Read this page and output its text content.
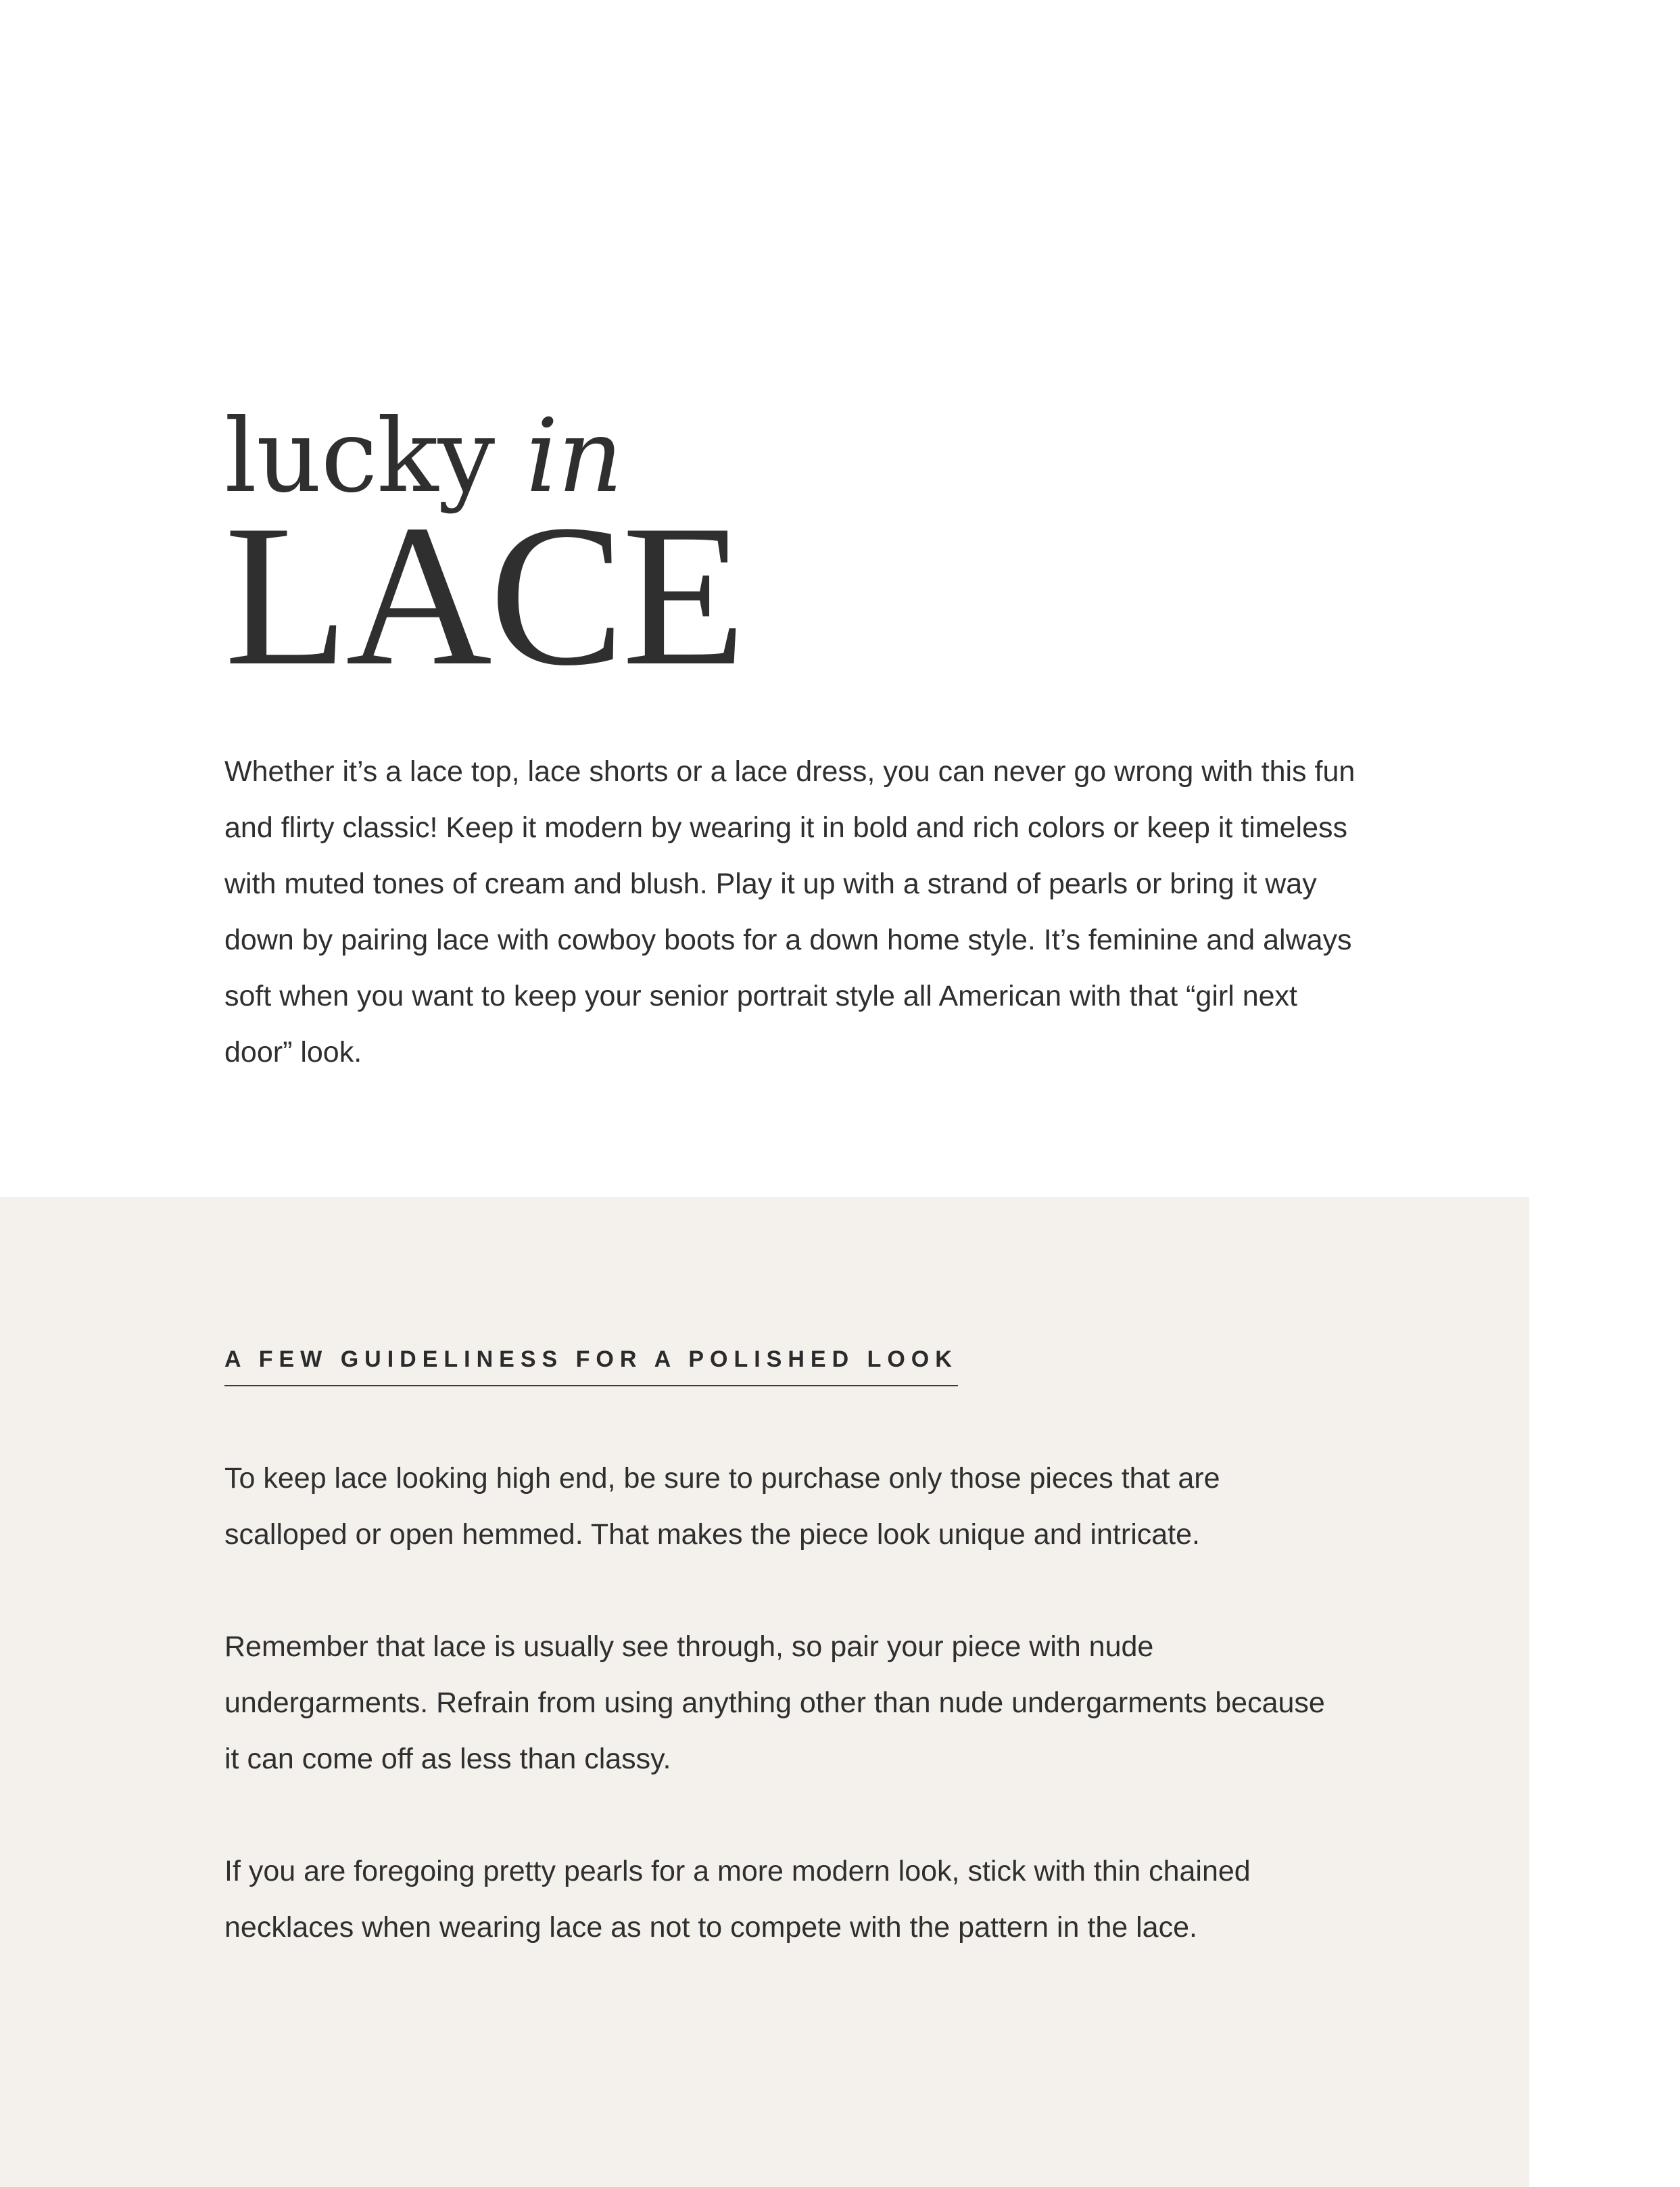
lucky in
LACE

Whether it’s a lace top, lace shorts or a lace dress, you can never go wrong with this fun and flirty classic! Keep it modern by wearing it in bold and rich colors or keep it timeless with muted tones of cream and blush. Play it up with a strand of pearls or bring it way down by pairing lace with cowboy boots for a down home style. It’s feminine and always soft when you want to keep your senior portrait style all American with that “girl next door” look.

A FEW GUIDELINESS FOR A POLISHED LOOK

To keep lace looking high end, be sure to purchase only those pieces that are scalloped or open hemmed. That makes the piece look unique and intricate.

Remember that lace is usually see through, so pair your piece with nude undergarments. Refrain from using anything other than nude undergarments because it can come off as less than classy.

If you are foregoing pretty pearls for a more modern look, stick with thin chained necklaces when wearing lace as not to compete with the pattern in the lace.
